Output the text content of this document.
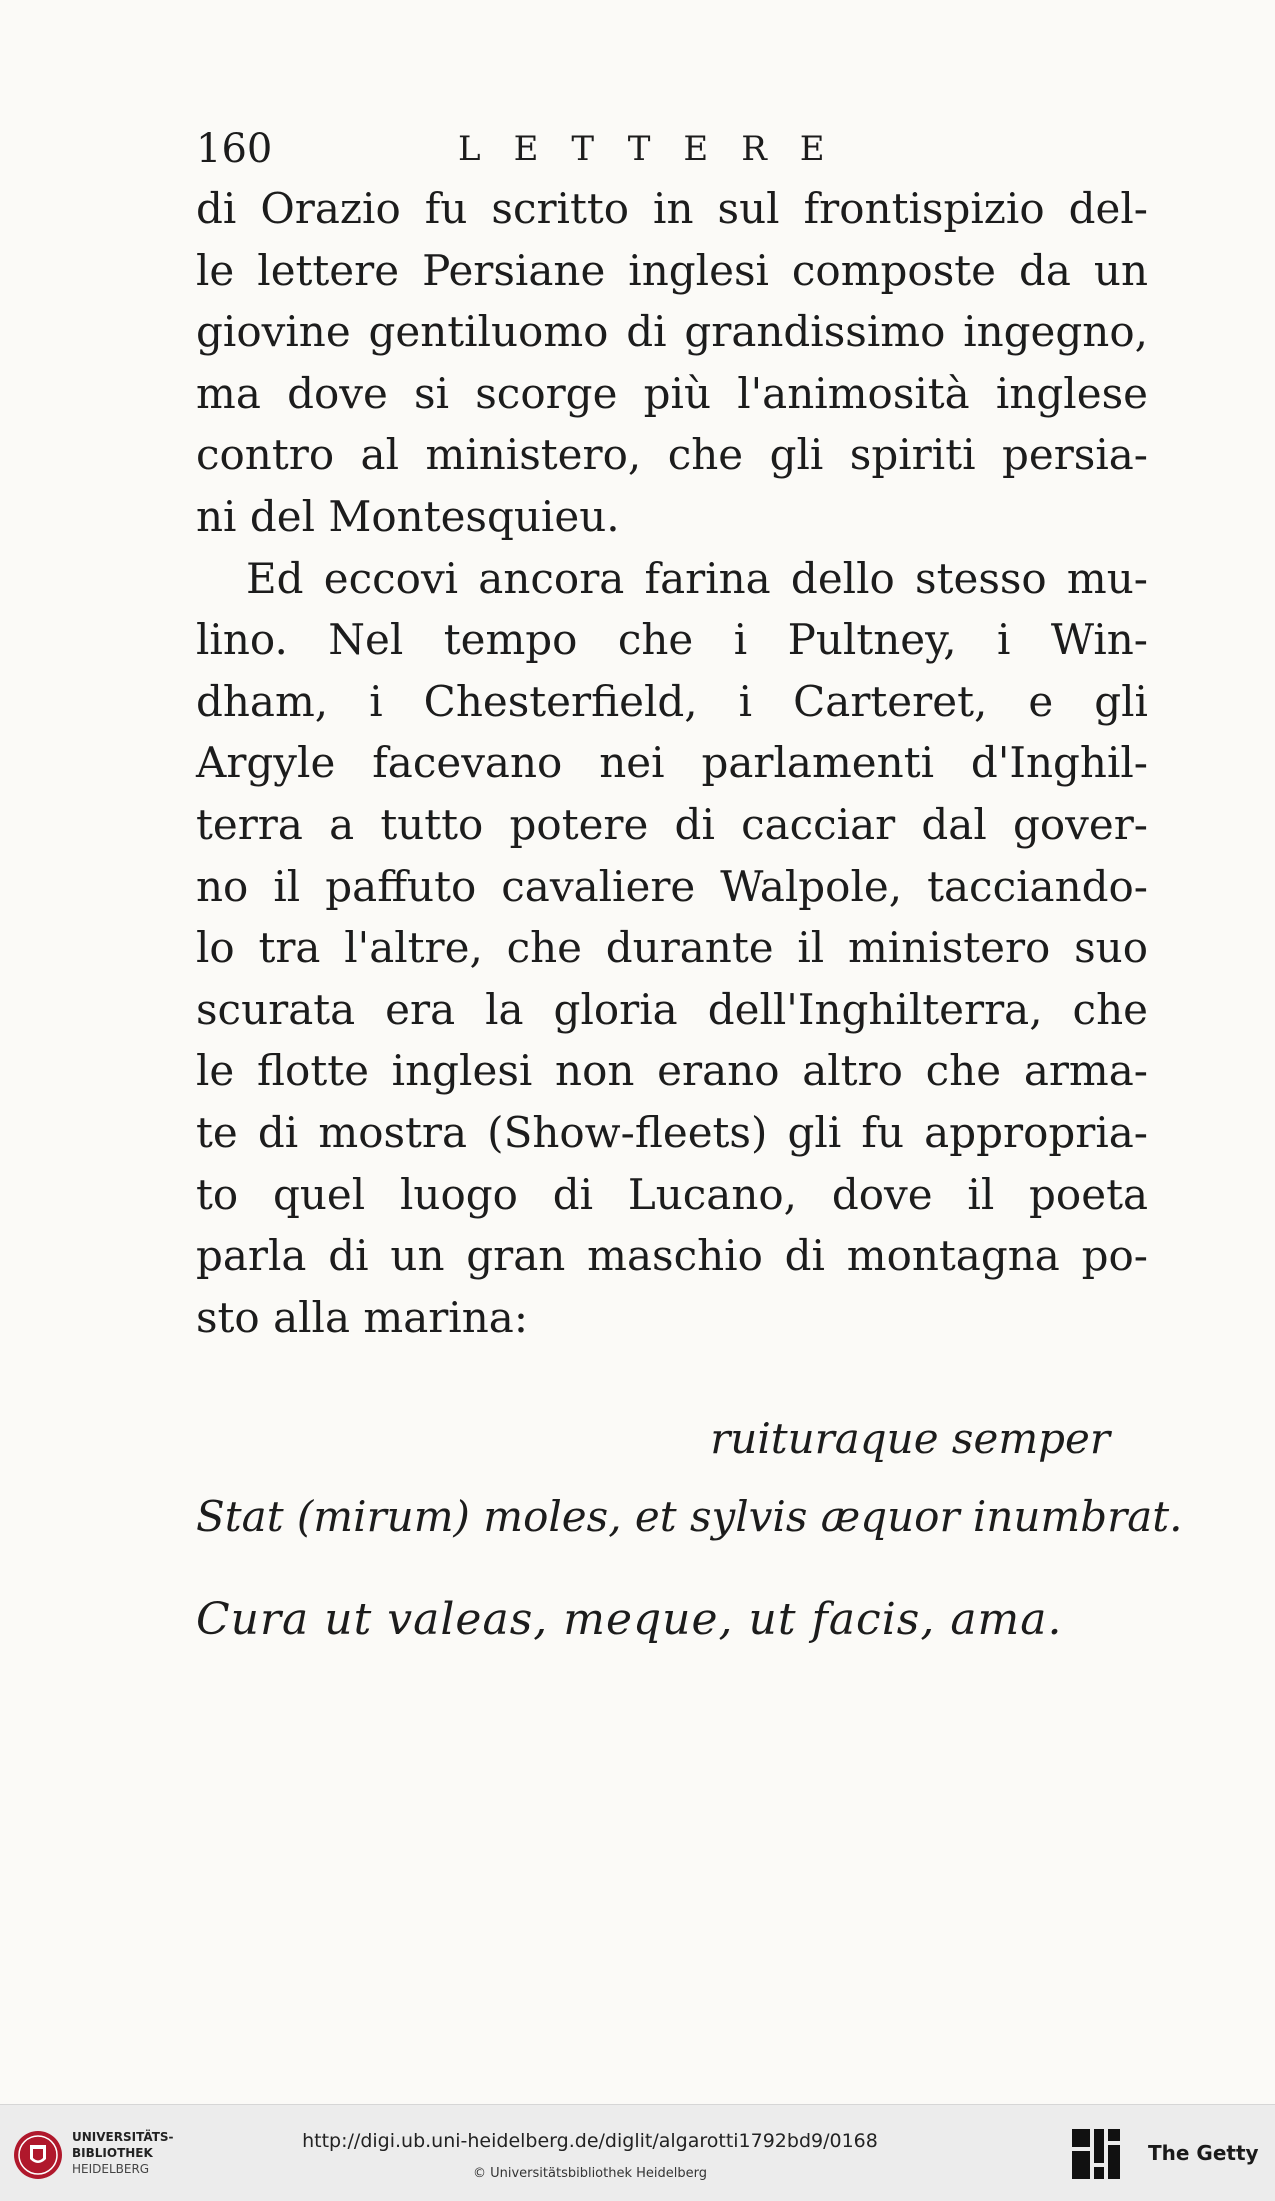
160	LETTERE
di Orazio fu scritto in sul frontispizio del-
le lettere Persiane inglesi composte da un
giovine gentiluomo di grandissimo ingegno,
ma dove si scorge più l'animosità inglese
contro al ministero, che gli spiriti persia-
ni del Montesquieu.
Ed eccovi ancora farina dello stesso mu-
lino. Nel tempo che i Pultney, i Win-
dham, i Chesterfield, i Carteret, e gli
Argyle facevano nei parlamenti d'Inghil-
terra a tutto potere di cacciar dal gover-
no il paffuto cavaliere Walpole, tacciando-
lo tra l'altre, che durante il ministero suo
scurata era la gloria dell'Inghilterra, che
le flotte inglesi non erano altro che arma-
te di mostra (Show-fleets) gli fu appropria-
to quel luogo di Lucano, dove il poeta
parla di un gran maschio di montagna po-
sto alla marina:
ruituraque semper
Stat (mirum) moles, et sylvis æquor inumbrat.
Cura ut valeas, meque, ut facis, ama.
UNIVERSITÄTS-
BIBLIOTHEK
HEIDELBERG
http://digi.ub.uni-heidelberg.de/diglit/algarotti1792bd9/0168
© Universitätsbibliothek Heidelberg
The Getty
